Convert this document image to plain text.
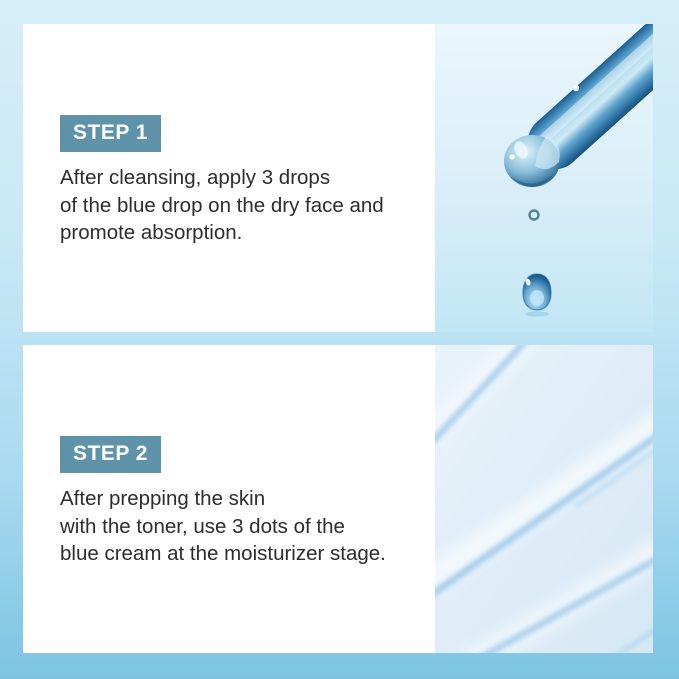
STEP 1
After cleansing, apply 3 drops
of the blue drop on the dry face and
promote absorption.
STEP 2
After prepping the skin
with the toner, use 3 dots of the
blue cream at the moisturizer stage.
